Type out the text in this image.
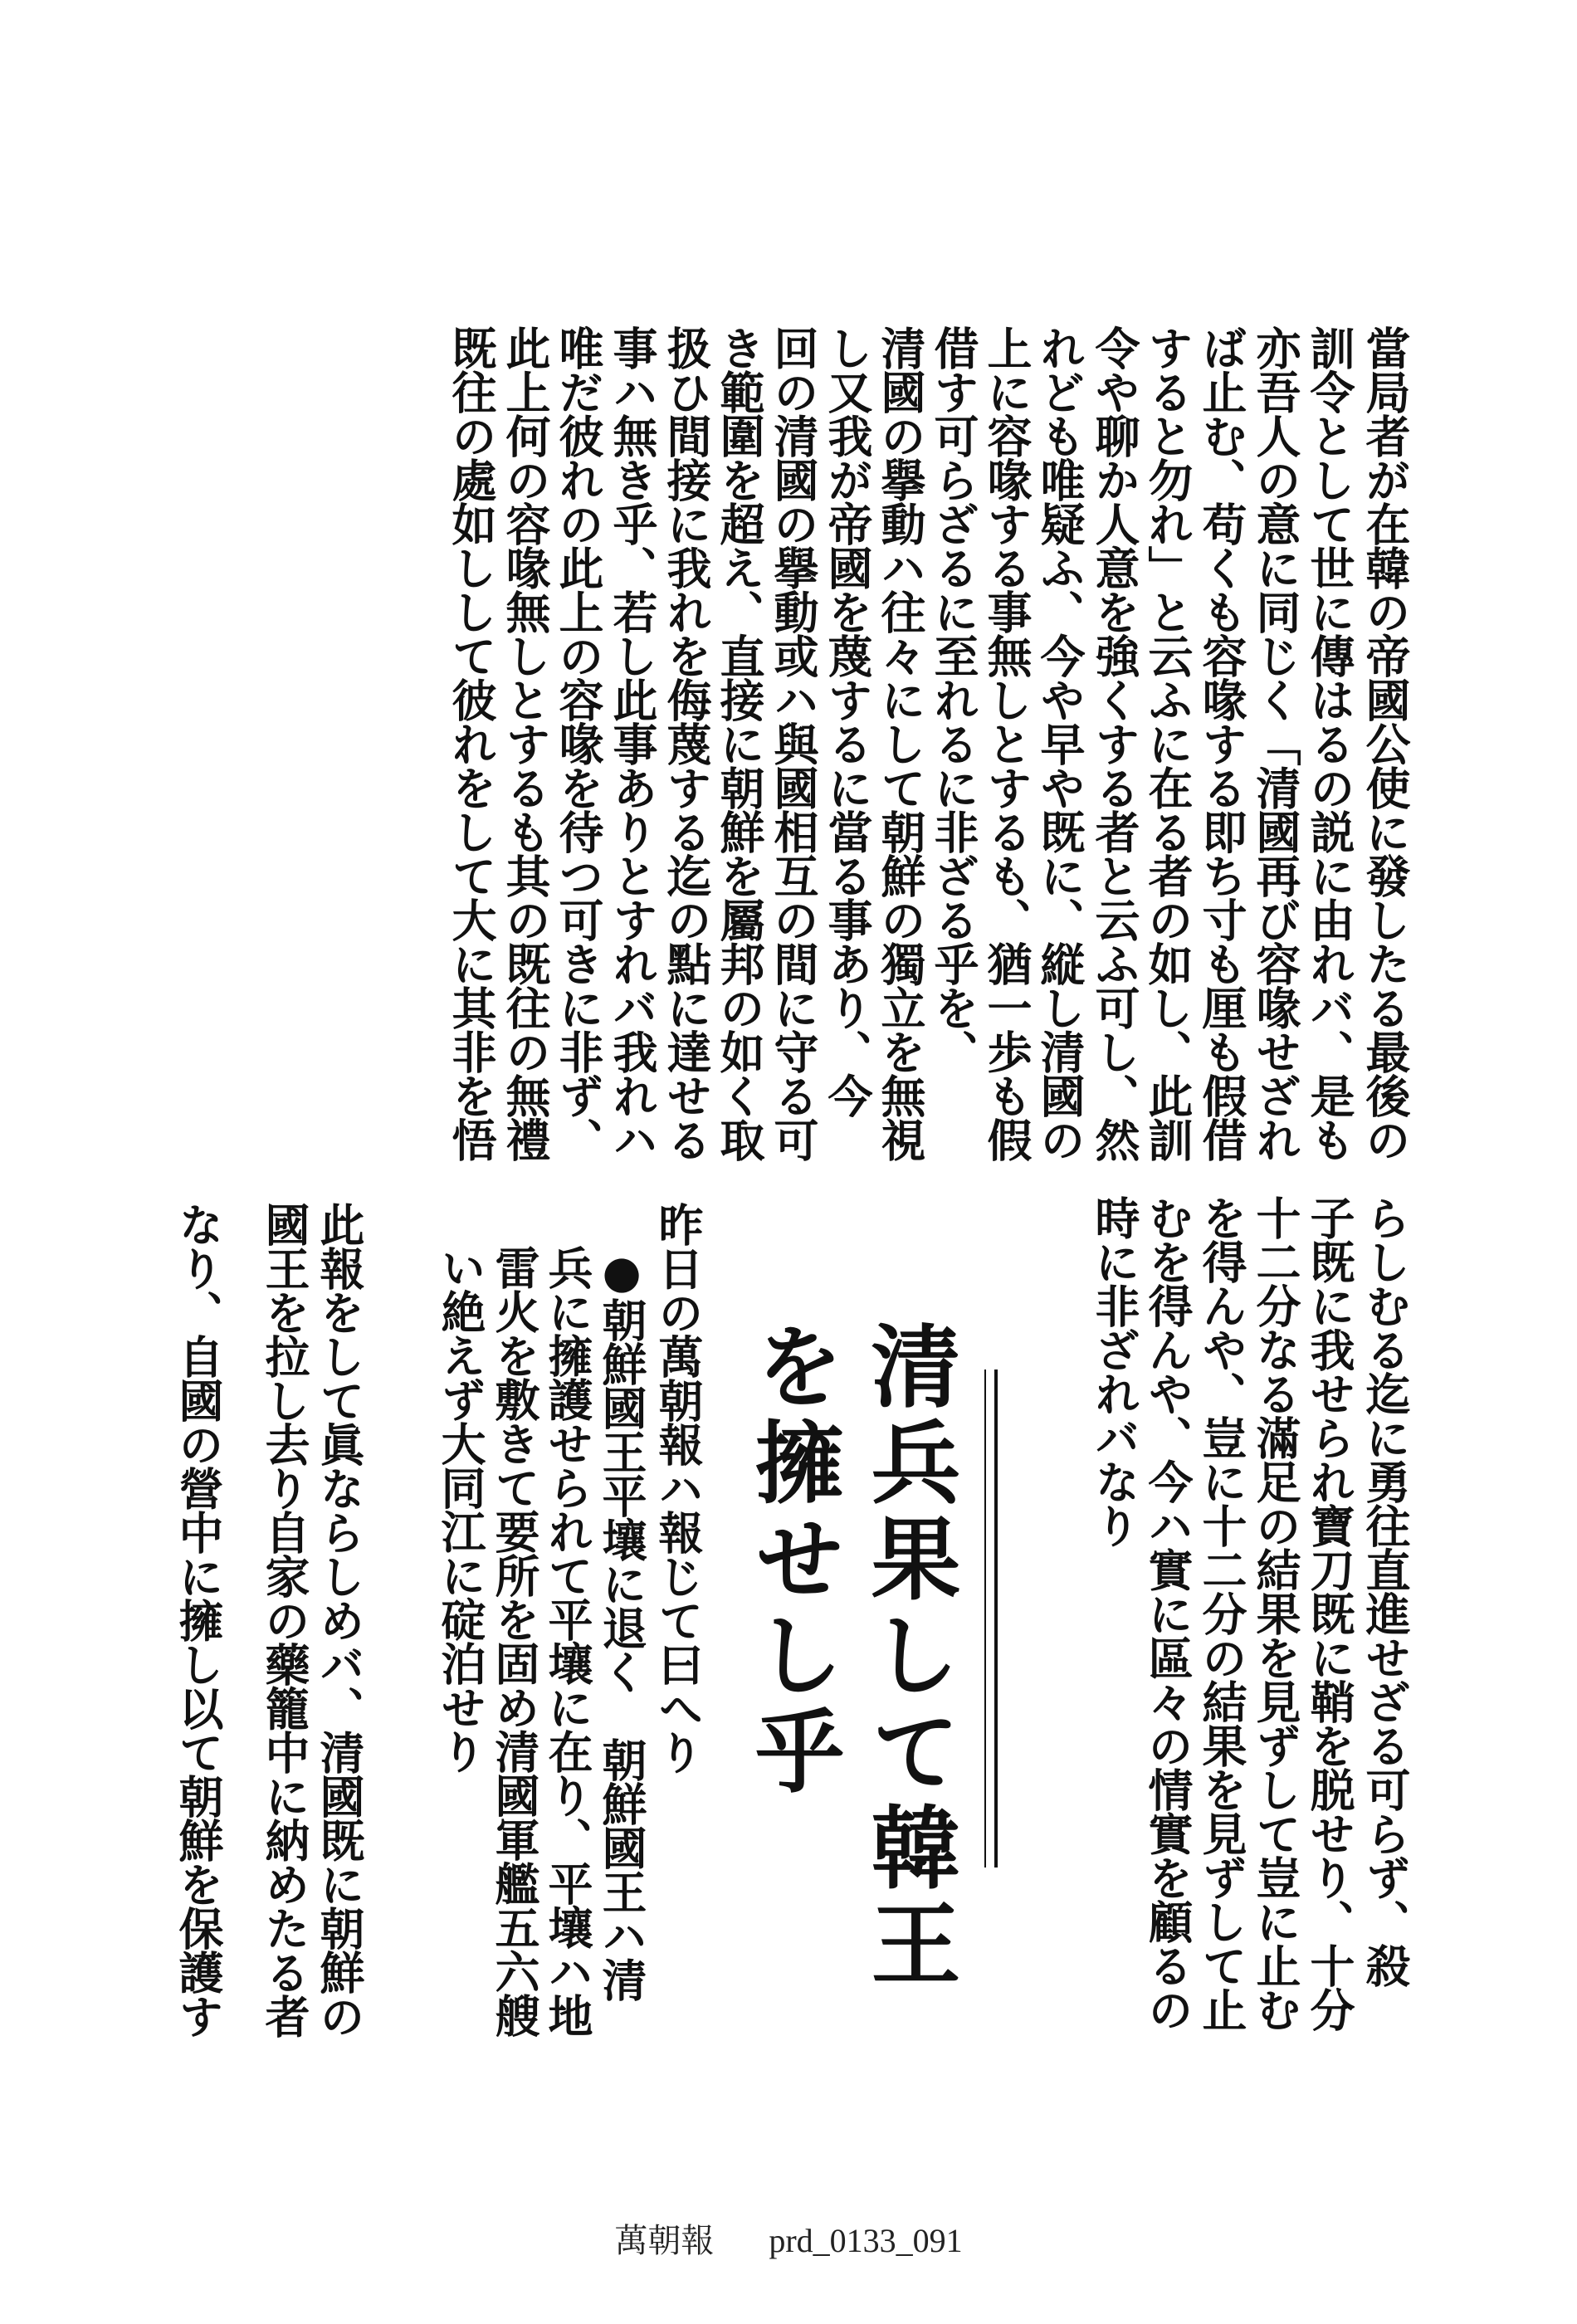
當局者が在韓の帝國公使に發したる最後の
訓令として世に傳はるの説に由れバ、是も
亦吾人の意に同じく「清國再び容喙せざれ
ば止む、苟くも容喙する即ち寸も厘も假借
すると勿れ」と云ふに在る者の如し、此訓
令や聊か人意を強くする者と云ふ可し、然
れども唯疑ふ、今や早や既に、縦し清國の
上に容喙する事無しとするも、猶一歩も假
借す可らざるに至れるに非ざる乎を、
清國の擧動ハ往々にして朝鮮の獨立を無視
し又我が帝國を蔑するに當る事あり、今
回の清國の擧動或ハ與國相互の間に守る可
き範圍を超え、直接に朝鮮を屬邦の如く取
扱ひ間接に我れを侮蔑する迄の點に達せる
事ハ無き乎、若し此事ありとすれバ我れハ
唯だ彼れの此上の容喙を待つ可きに非ず、
此上何の容喙無しとするも其の既往の無禮
既往の處如しして彼れをして大に其非を悟
らしむる迄に勇往直進せざる可らず、殺
子既に我せられ寶刀既に鞘を脱せり、十分
十二分なる滿足の結果を見ずして豈に止む
を得んや、豈に十二分の結果を見ずして止
むを得んや、今ハ實に區々の情實を顧るの
時に非ざれバなり
清兵果して韓王
を擁せし乎
昨日の萬朝報ハ報じて曰へり
●朝鮮國王平壤に退く　朝鮮國王ハ清
兵に擁護せられて平壤に在り、平壤ハ地
雷火を敷きて要所を固め清國軍艦五六艘
い絶えず大同江に碇泊せり
此報をして眞ならしめバ、清國既に朝鮮の
國王を拉し去り自家の藥籠中に納めたる者
なり、自國の營中に擁し以て朝鮮を保護す
萬朝報 prd_0133_091
